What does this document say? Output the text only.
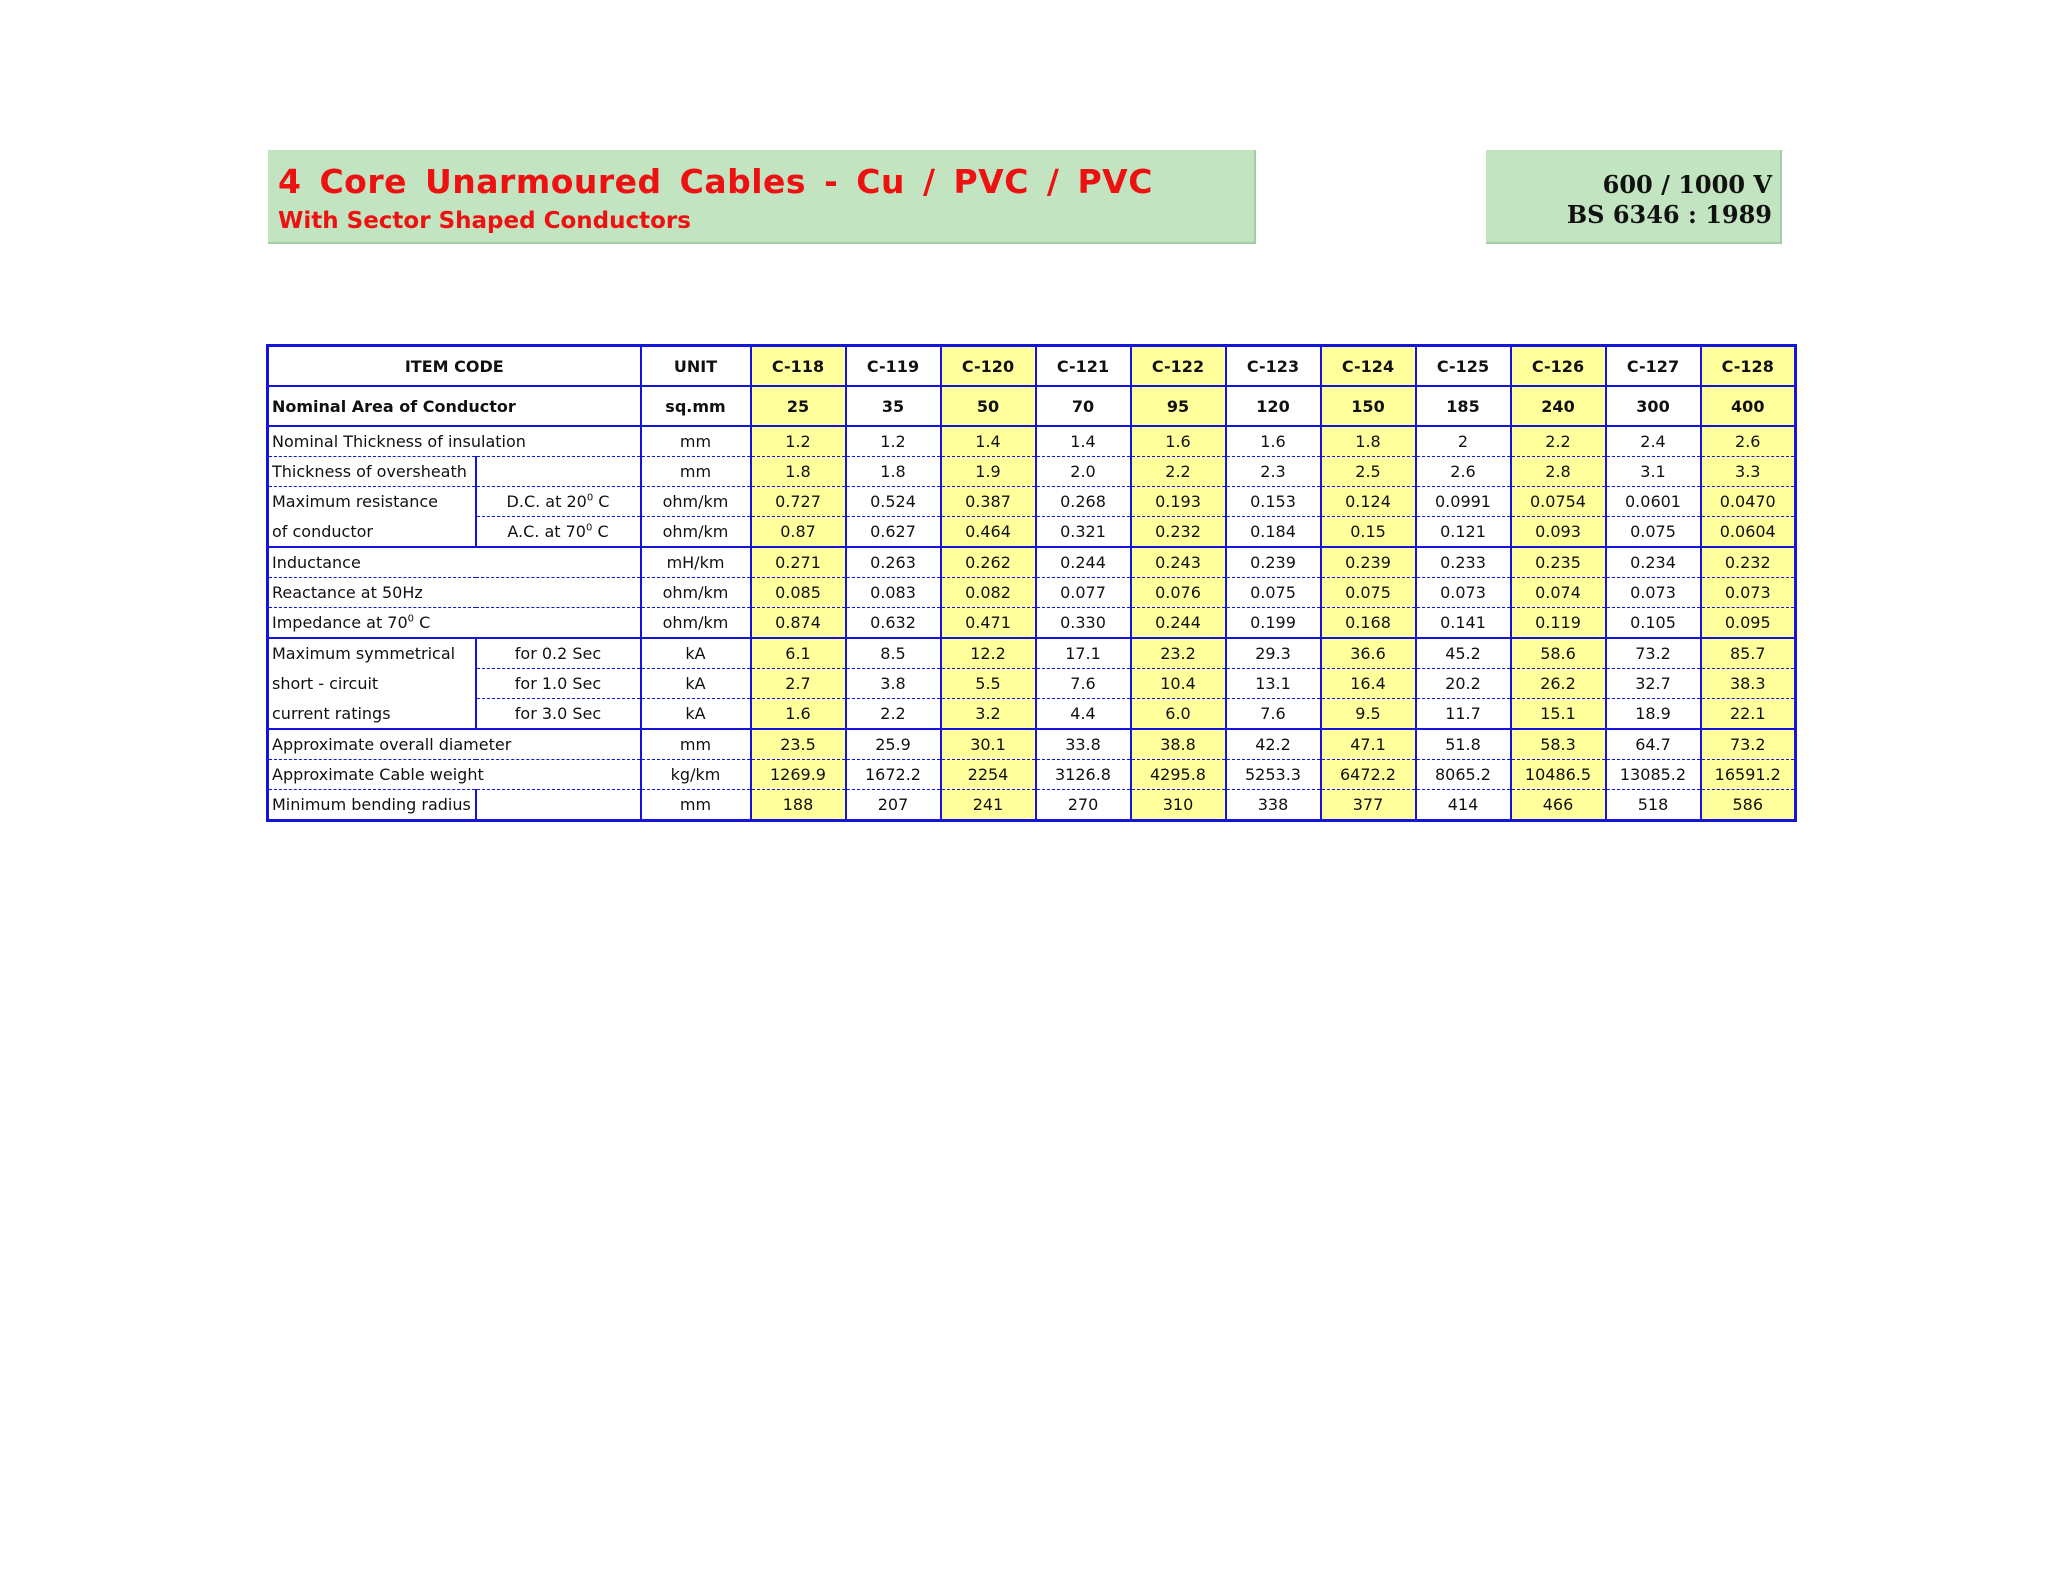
4 Core Unarmoured Cables - Cu / PVC / PVC
With Sector Shaped Conductors
600 / 1000 V
BS 6346 : 1989
ITEM CODE		UNIT	C-118	C-119	C-120	C-121	C-122	C-123	C-124	C-125	C-126	C-127	C-128
Nominal Area of Conductor		sq.mm	25	35	50	70	95	120	150	185	240	300	400
Nominal Thickness of insulation		mm	1.2	1.2	1.4	1.4	1.6	1.6	1.8	2	2.2	2.4	2.6
Thickness of oversheath		mm	1.8	1.8	1.9	2.0	2.2	2.3	2.5	2.6	2.8	3.1	3.3
Maximum resistance	D.C. at $20^0$ C	ohm/km	0.727	0.524	0.387	0.268	0.193	0.153	0.124	0.0991	0.0754	0.0601	0.0470
of conductor	A.C. at $70^0$ C	ohm/km	0.87	0.627	0.464	0.321	0.232	0.184	0.15	0.121	0.093	0.075	0.0604
Inductance		mH/km	0.271	0.263	0.262	0.244	0.243	0.239	0.239	0.233	0.235	0.234	0.232
Reactance at 50Hz		ohm/km	0.085	0.083	0.082	0.077	0.076	0.075	0.075	0.073	0.074	0.073	0.073
Impedance at $70^0$ C		ohm/km	0.874	0.632	0.471	0.330	0.244	0.199	0.168	0.141	0.119	0.105	0.095
Maximum symmetrical	for 0.2 Sec	kA	6.1	8.5	12.2	17.1	23.2	29.3	36.6	45.2	58.6	73.2	85.7
short - circuit	for 1.0 Sec	kA	2.7	3.8	5.5	7.6	10.4	13.1	16.4	20.2	26.2	32.7	38.3
current ratings	for 3.0 Sec	kA	1.6	2.2	3.2	4.4	6.0	7.6	9.5	11.7	15.1	18.9	22.1
Approximate overall diameter		mm	23.5	25.9	30.1	33.8	38.8	42.2	47.1	51.8	58.3	64.7	73.2
Approximate Cable weight		kg/km	1269.9	1672.2	2254	3126.8	4295.8	5253.3	6472.2	8065.2	10486.5	13085.2	16591.2
Minimum bending radius		mm	188	207	241	270	310	338	377	414	466	518	586
